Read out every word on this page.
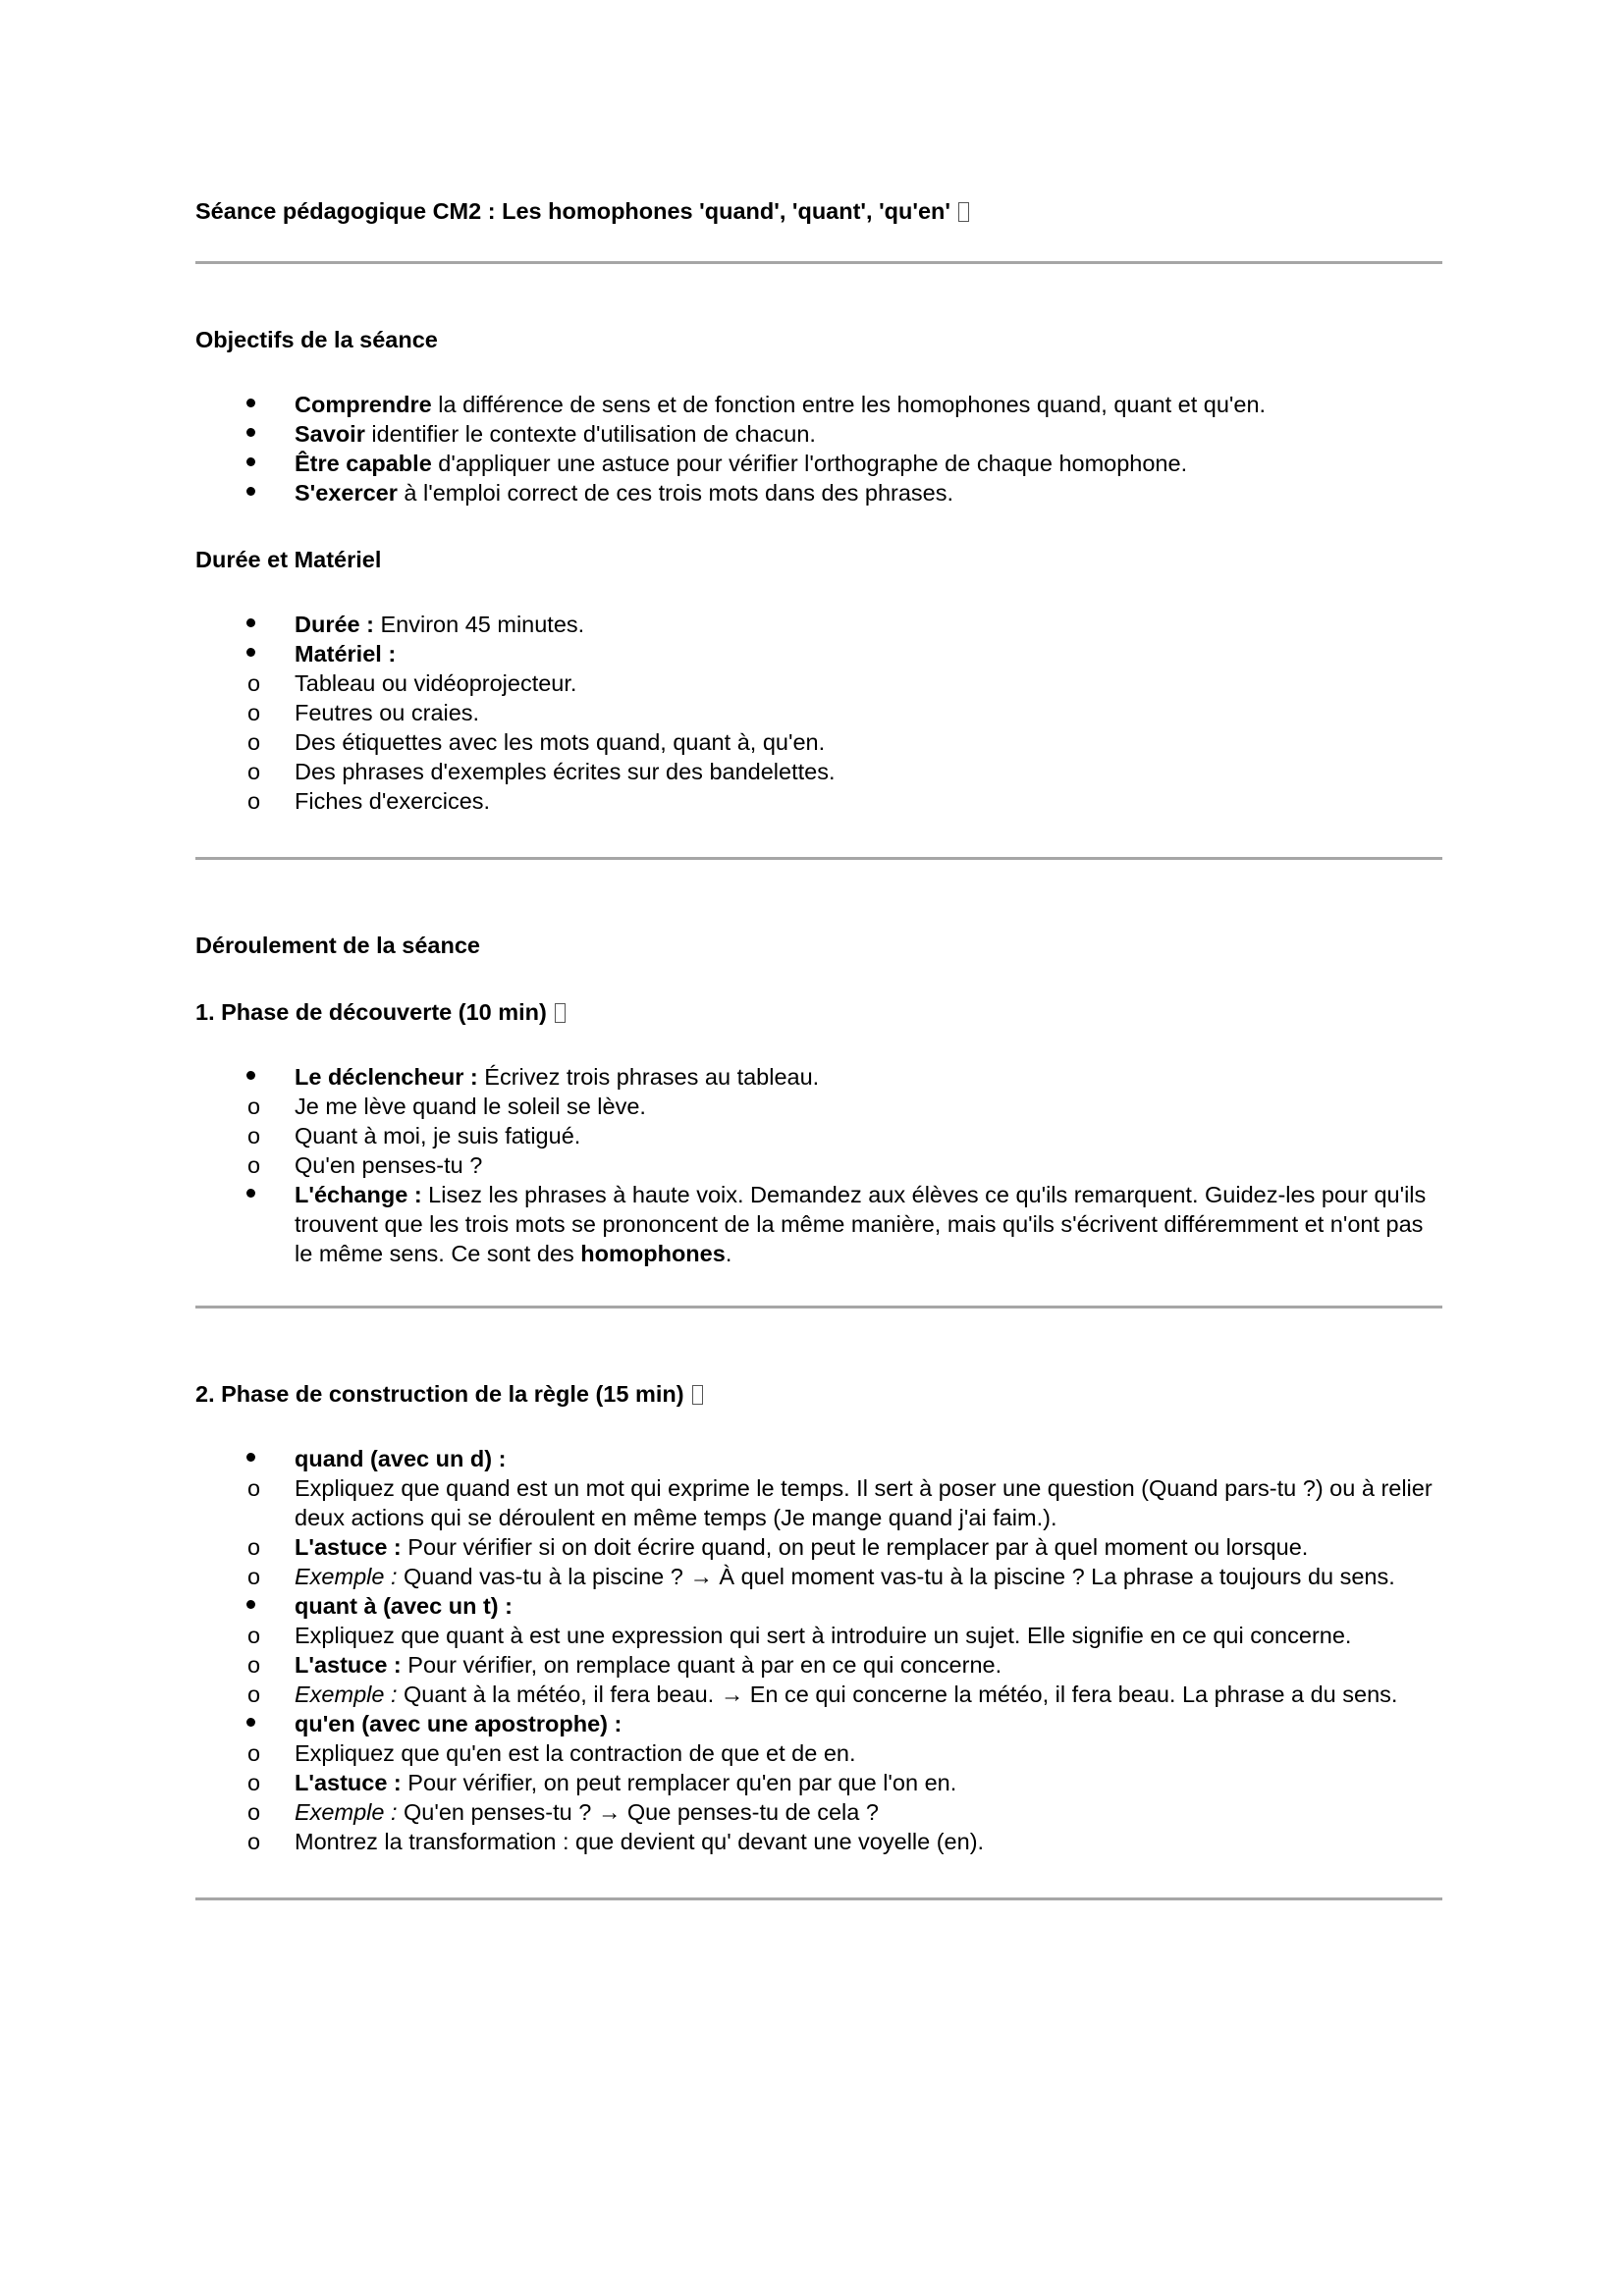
Séance pédagogique CM2 : Les homophones 'quand', 'quant', 'qu'en'

Objectifs de la séance

Comprendre la différence de sens et de fonction entre les homophones quand, quant et qu'en.
Savoir identifier le contexte d'utilisation de chacun.
Être capable d'appliquer une astuce pour vérifier l'orthographe de chaque homophone.
S'exercer à l'emploi correct de ces trois mots dans des phrases.

Durée et Matériel

Durée : Environ 45 minutes.
Matériel :
o Tableau ou vidéoprojecteur.
o Feutres ou craies.
o Des étiquettes avec les mots quand, quant à, qu'en.
o Des phrases d'exemples écrites sur des bandelettes.
o Fiches d'exercices.

Déroulement de la séance

1. Phase de découverte (10 min)

Le déclencheur : Écrivez trois phrases au tableau.
o Je me lève quand le soleil se lève.
o Quant à moi, je suis fatigué.
o Qu'en penses-tu ?
L'échange : Lisez les phrases à haute voix. Demandez aux élèves ce qu'ils remarquent. Guidez-les pour qu'ils trouvent que les trois mots se prononcent de la même manière, mais qu'ils s'écrivent différemment et n'ont pas le même sens. Ce sont des homophones.

2. Phase de construction de la règle (15 min)

quand (avec un d) :
o Expliquez que quand est un mot qui exprime le temps. Il sert à poser une question (Quand pars-tu ?) ou à relier deux actions qui se déroulent en même temps (Je mange quand j'ai faim.).
o L'astuce : Pour vérifier si on doit écrire quand, on peut le remplacer par à quel moment ou lorsque.
o Exemple : Quand vas-tu à la piscine ? → À quel moment vas-tu à la piscine ? La phrase a toujours du sens.
quant à (avec un t) :
o Expliquez que quant à est une expression qui sert à introduire un sujet. Elle signifie en ce qui concerne.
o L'astuce : Pour vérifier, on remplace quant à par en ce qui concerne.
o Exemple : Quant à la météo, il fera beau. → En ce qui concerne la météo, il fera beau. La phrase a du sens.
qu'en (avec une apostrophe) :
o Expliquez que qu'en est la contraction de que et de en.
o L'astuce : Pour vérifier, on peut remplacer qu'en par que l'on en.
o Exemple : Qu'en penses-tu ? → Que penses-tu de cela ?
o Montrez la transformation : que devient qu' devant une voyelle (en).
